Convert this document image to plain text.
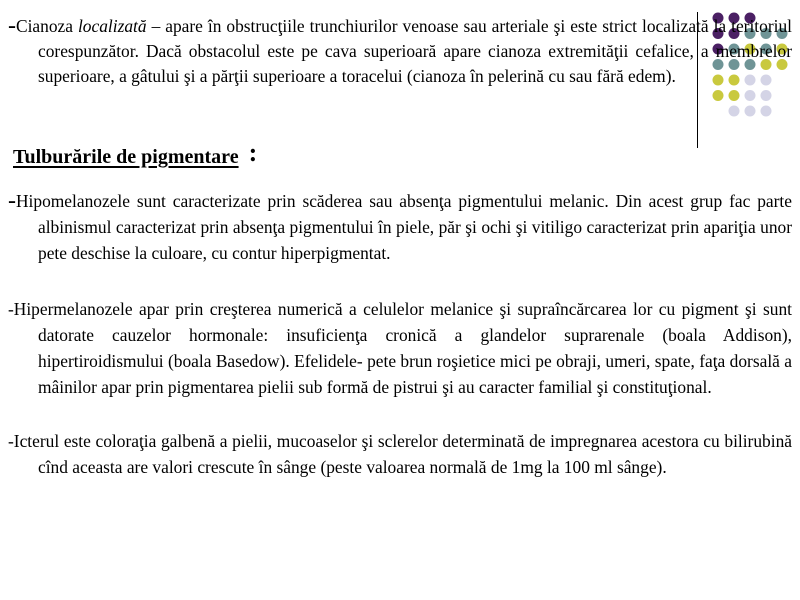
-Cianoza localizată – apare în obstrucţiile trunchiurilor venoase sau arteriale şi este strict localizată la teritoriul corespunzător. Dacă obstacolul este pe cava superioară apare cianoza extremităţii cefalice, a membrelor superioare, a gâtului şi a părţii superioare a toracelui (cianoza în pelerină cu sau fără edem).

Tulburările de pigmentare :

-Hipomelanozele sunt caracterizate prin scăderea sau absenţa pigmentului melanic. Din acest grup fac parte albinismul caracterizat prin absenţa pigmentului în piele, păr şi ochi şi vitiligo caracterizat prin apariţia unor pete deschise la culoare, cu contur hiperpigmentat.

-Hipermelanozele apar prin creşterea numerică a celulelor melanice şi supraîncărcarea lor cu pigment şi sunt datorate cauzelor hormonale: insuficienţa cronică a glandelor suprarenale (boala Addison), hipertiroidismului (boala Basedow). Efelidele- pete brun roşietice mici pe obraji, umeri, spate, faţa dorsală a mâinilor apar prin pigmentarea pielii sub formă de pistrui şi au caracter familial şi constituţional.

-Icterul este coloraţia galbenă a pielii, mucoaselor şi sclerelor determinată de impregnarea acestora cu bilirubină cînd aceasta are valori crescute în sânge (peste valoarea normală de 1mg la 100 ml sânge).
